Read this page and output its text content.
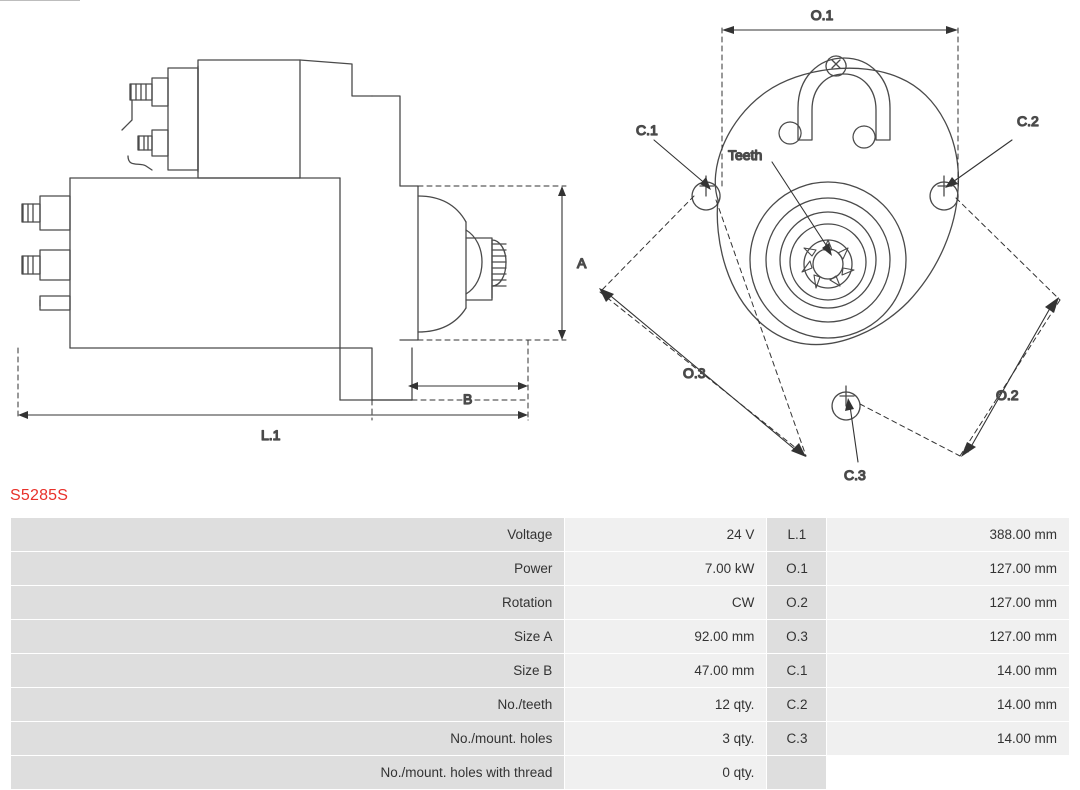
A
B
L.1
O.1
O.3
O.2
C.1
C.2
C.3
Teeth
S5285S
Voltage	24 V	L.1	388.00 mm
Power	7.00 kW	O.1	127.00 mm
Rotation	CW	O.2	127.00 mm
Size A	92.00 mm	O.3	127.00 mm
Size B	47.00 mm	C.1	14.00 mm
No./teeth	12 qty.	C.2	14.00 mm
No./mount. holes	3 qty.	C.3	14.00 mm
No./mount. holes with thread	0 qty.		
